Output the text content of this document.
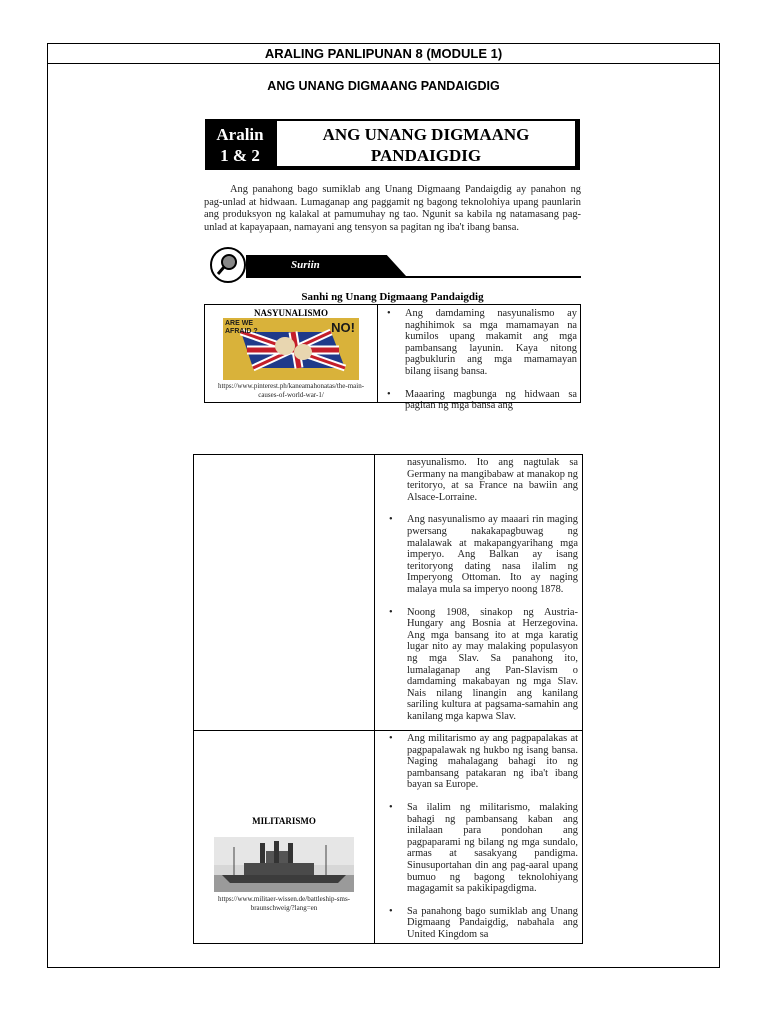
ARALING PANLIPUNAN 8 (MODULE 1)
ANG UNANG DIGMAANG PANDAIGDIG
Aralin
1 & 2
ANG UNANG DIGMAANG
PANDAIGDIG
Ang panahong bago sumiklab ang Unang Digmaang Pandaigdig ay panahon ng pag-unlad at hidwaan. Lumaganap ang paggamit ng bagong teknolohiya upang paunlarin ang produksyon ng kalakal at pamumuhay ng tao. Ngunit sa kabila ng natamasang pag-unlad at kapayapaan, namayani ang tensyon sa pagitan ng iba't ibang bansa.
Suriin
Sanhi ng Unang Digmaang Pandaigdig
NASYUNALISMO
ARE WE AFRAID ?	NO!
https://www.pinterest.ph/kaneamahonatas/the-main-causes-of-world-war-1/
• Ang damdaming nasyunalismo ay naghihimok sa mga mamamayan na kumilos upang makamit ang mga pambansang layunin. Kaya nitong pagbuklurin ang mga mamamayan bilang iisang bansa.
• Maaaring magbunga ng hidwaan sa pagitan ng mga bansa ang
nasyunalismo. Ito ang nagtulak sa Germany na mangibabaw at manakop ng teritoryo, at sa France na bawiin ang Alsace-Lorraine.
• Ang nasyunalismo ay maaari rin maging pwersang nakakapagbuwag ng malalawak at makapangyarihang mga imperyo. Ang Balkan ay isang teritoryong dating nasa ilalim ng Imperyong Ottoman. Ito ay naging malaya mula sa imperyo noong 1878.
• Noong 1908, sinakop ng Austria-Hungary ang Bosnia at Herzegovina. Ang mga bansang ito at mga karatig lugar nito ay may malaking populasyon ng mga Slav. Sa panahong ito, lumalaganap ang Pan-Slavism o damdaming makabayan ng mga Slav. Nais nilang linangin ang kanilang sariling kultura at pagsama-samahin ang kanilang mga kapwa Slav.
MILITARISMO
https://www.militaer-wissen.de/battleship-sms-braunschweig/?lang=en
• Ang militarismo ay ang pagpapalakas at pagpapalawak ng hukbo ng isang bansa. Naging mahalagang bahagi ito ng pambansang patakaran ng iba't ibang bayan sa Europe.
• Sa ilalim ng militarismo, malaking bahagi ng pambansang kaban ang inilalaan para pondohan ang pagpaparami ng bilang ng mga sundalo, armas at sasakyang pandigma. Sinusuportahan din ang pag-aaral upang bumuo ng bagong teknolohiyang magagamit sa pakikipagdigma.
• Sa panahong bago sumiklab ang Unang Digmaang Pandaigdig, nabahala ang United Kingdom sa
